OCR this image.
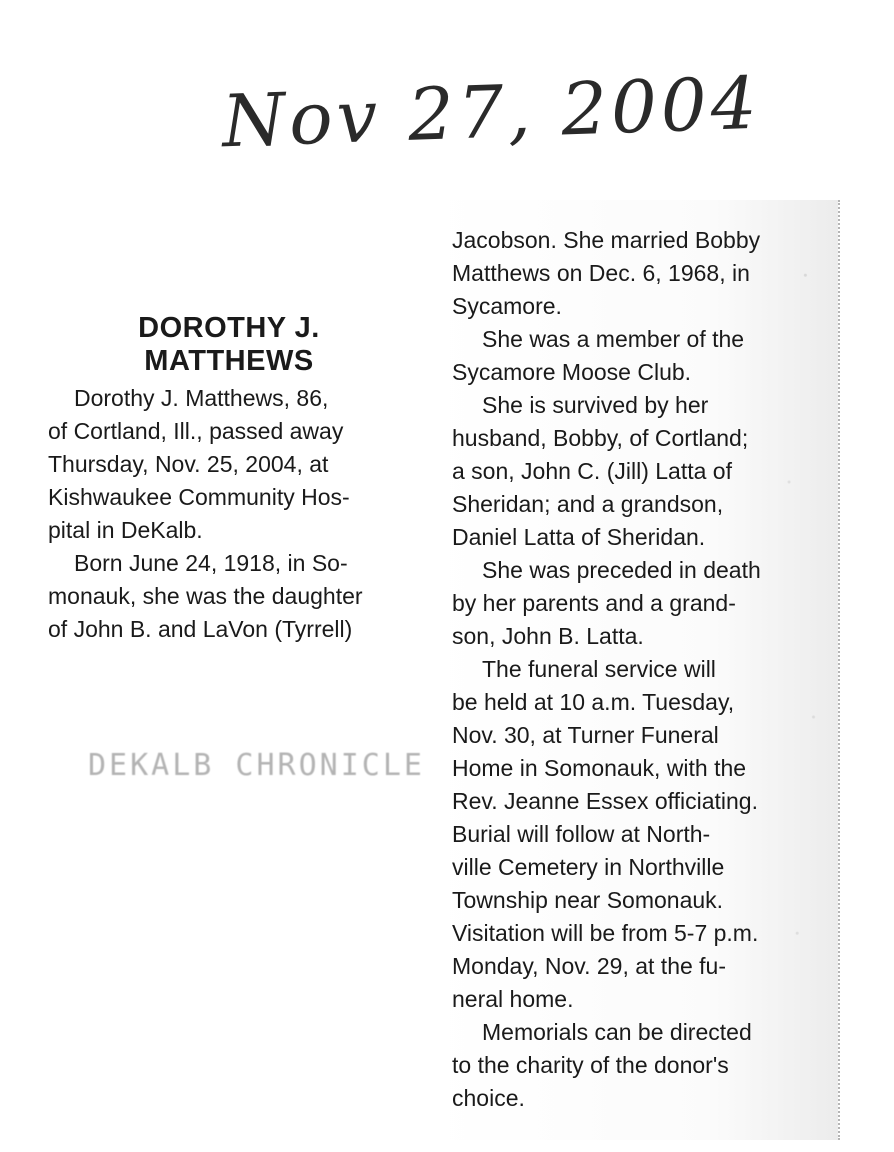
Nov 27, 2004
DOROTHY J.
MATTHEWS

Dorothy J. Matthews, 86,
of Cortland, Ill., passed away
Thursday, Nov. 25, 2004, at
Kishwaukee Community Hos-
pital in DeKalb.

Born June 24, 1918, in So-
monauk, she was the daughter
of John B. and LaVon (Tyrrell)

DEKALB CHRONICLE

Jacobson. She married Bobby
Matthews on Dec. 6, 1968, in
Sycamore.

She was a member of the
Sycamore Moose Club.

She is survived by her
husband, Bobby, of Cortland;
a son, John C. (Jill) Latta of
Sheridan; and a grandson,
Daniel Latta of Sheridan.

She was preceded in death
by her parents and a grand-
son, John B. Latta.

The funeral service will
be held at 10 a.m. Tuesday,
Nov. 30, at Turner Funeral
Home in Somonauk, with the
Rev. Jeanne Essex officiating.
Burial will follow at North-
ville Cemetery in Northville
Township near Somonauk.
Visitation will be from 5-7 p.m.
Monday, Nov. 29, at the fu-
neral home.

Memorials can be directed
to the charity of the donor's
choice.
